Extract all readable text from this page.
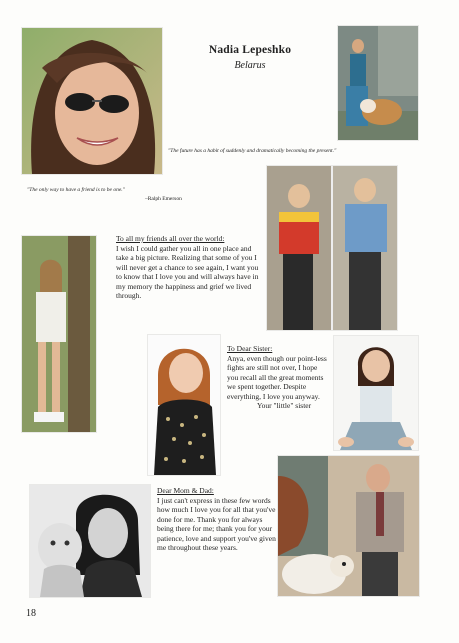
Nadia Lepeshko
Belarus
"The future has a habit of suddenly and dramatically becoming the present."
"The only way to have a friend is to be one."
–Ralph Emerson
To all my friends all over the world:
I wish I could gather you all in one place and take a big picture. Realizing that some of you I will never get a chance to see again, I want you to know that I love you and will always have in my memory the happiness and grief we lived through.
To Dear Sister:
Anya, even though our point-less fights are still not over, I hope you recall all the great moments we spent together. Despite everything, I love you anyway.
Your "little" sister
Dear Mom & Dad:
I just can't express in these few words how much I love you for all that you've done for me. Thank you for always being there for me; thank you for your patience, love and support you've given me throughout these years.
18
